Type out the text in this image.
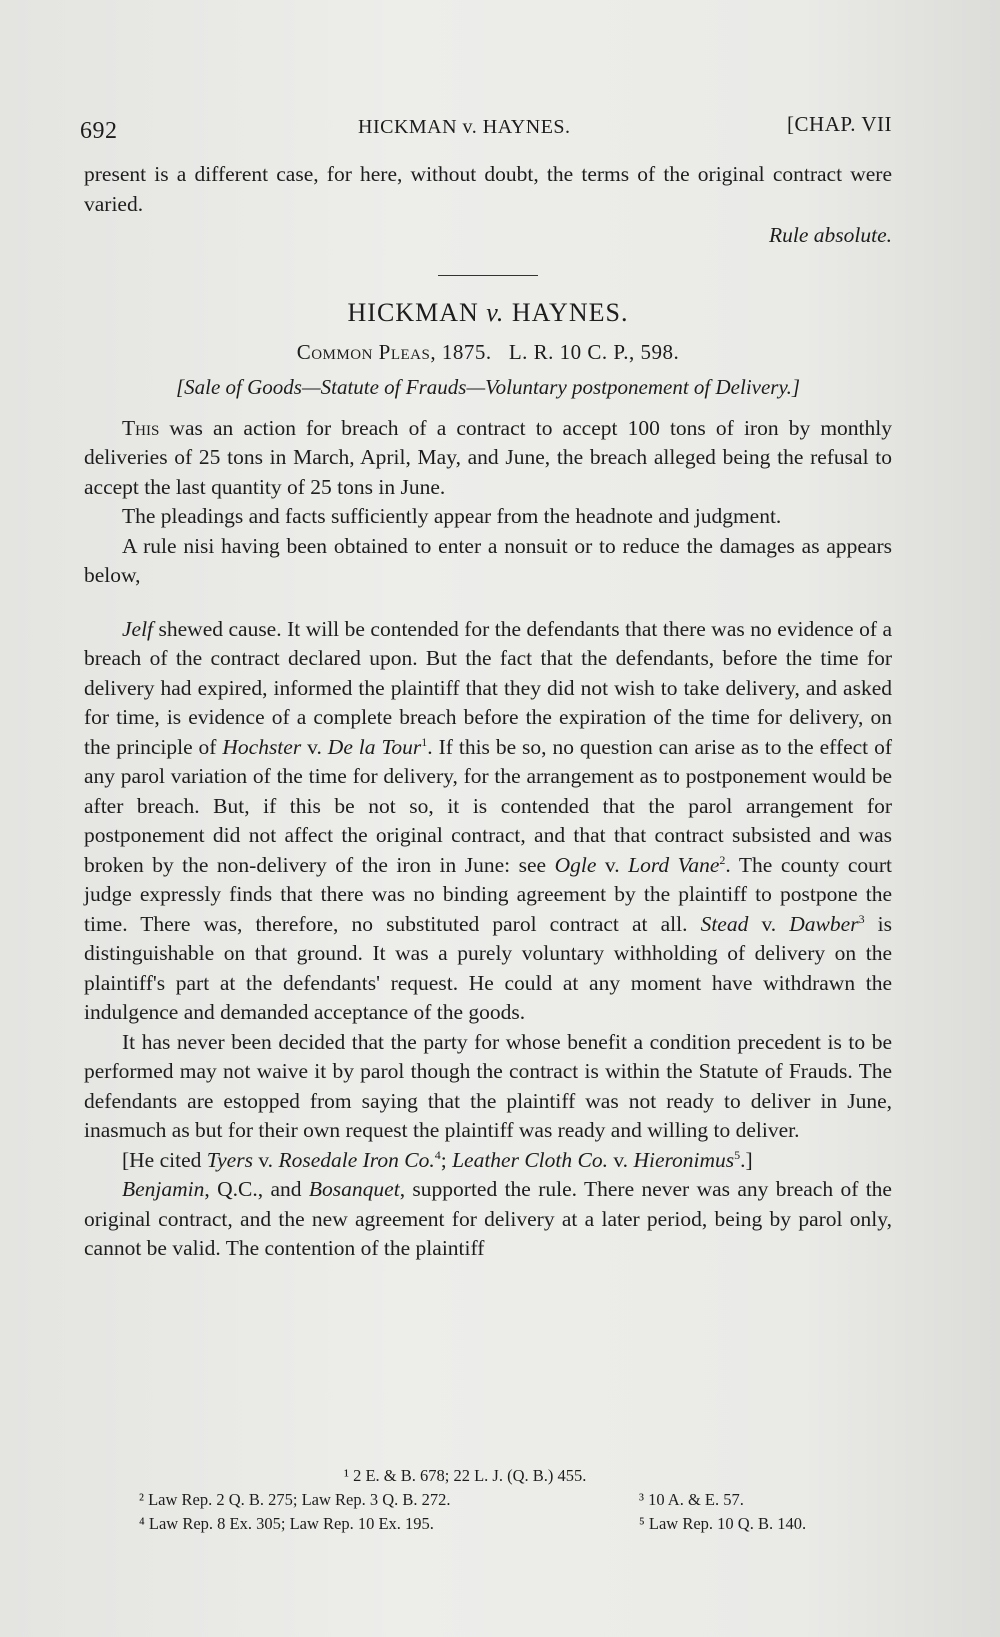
692	HICKMAN v. HAYNES.	[CHAP. VII

present is a different case, for here, without doubt, the terms of the original contract were varied.

Rule absolute.

HICKMAN v. HAYNES.
Common Pleas, 1875. L. R. 10 C. P., 598.
[Sale of Goods—Statute of Frauds—Voluntary postponement of Delivery.]

This was an action for breach of a contract to accept 100 tons of iron by monthly deliveries of 25 tons in March, April, May, and June, the breach alleged being the refusal to accept the last quantity of 25 tons in June.

The pleadings and facts sufficiently appear from the headnote and judgment.

A rule nisi having been obtained to enter a nonsuit or to reduce the damages as appears below,

Jelf shewed cause. It will be contended for the defendants that there was no evidence of a breach of the contract declared upon. But the fact that the defendants, before the time for delivery had expired, informed the plaintiff that they did not wish to take delivery, and asked for time, is evidence of a complete breach before the expiration of the time for delivery, on the principle of Hochster v. De la Tour$^1$. If this be so, no question can arise as to the effect of any parol variation of the time for delivery, for the arrangement as to postponement would be after breach. But, if this be not so, it is contended that the parol arrangement for postponement did not affect the original contract, and that that contract subsisted and was broken by the non-delivery of the iron in June: see Ogle v. Lord Vane$^2$. The county court judge expressly finds that there was no binding agreement by the plaintiff to postpone the time. There was, therefore, no substituted parol contract at all. Stead v. Dawber$^3$ is distinguishable on that ground. It was a purely voluntary withholding of delivery on the plaintiff's part at the defendants' request. He could at any moment have withdrawn the indulgence and demanded acceptance of the goods.

It has never been decided that the party for whose benefit a condition precedent is to be performed may not waive it by parol though the contract is within the Statute of Frauds. The defendants are estopped from saying that the plaintiff was not ready to deliver in June, inasmuch as but for their own request the plaintiff was ready and willing to deliver.

[He cited Tyers v. Rosedale Iron Co.$^4$; Leather Cloth Co. v. Hieronimus$^5$.]

Benjamin, Q.C., and Bosanquet, supported the rule. There never was any breach of the original contract, and the new agreement for delivery at a later period, being by parol only, cannot be valid. The contention of the plaintiff

¹ 2 E. & B. 678; 22 L. J. (Q. B.) 455.
² Law Rep. 2 Q. B. 275; Law Rep. 3 Q. B. 272.	³ 10 A. & E. 57.
⁴ Law Rep. 8 Ex. 305; Law Rep. 10 Ex. 195.	⁵ Law Rep. 10 Q. B. 140.
